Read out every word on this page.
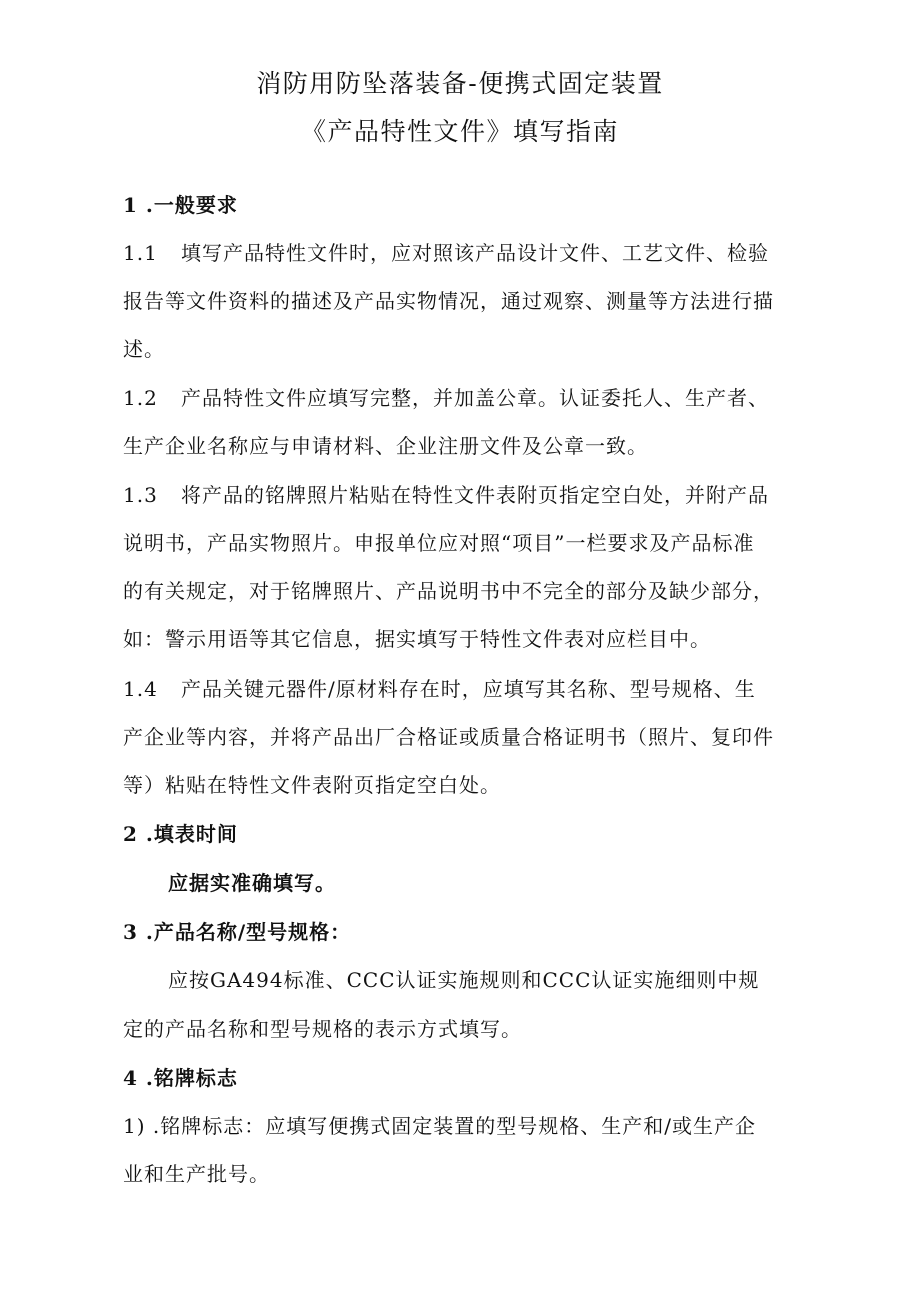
消防用防坠落装备-便携式固定装置
《产品特性文件》填写指南
1 .一般要求
1.1 填写产品特性文件时，应对照该产品设计文件、工艺文件、检验
报告等文件资料的描述及产品实物情况，通过观察、测量等方法进行描
述。
1.2 产品特性文件应填写完整，并加盖公章。认证委托人、生产者、
生产企业名称应与申请材料、企业注册文件及公章一致。
1.3 将产品的铭牌照片粘贴在特性文件表附页指定空白处，并附产品
说明书，产品实物照片。申报单位应对照“项目”一栏要求及产品标准
的有关规定，对于铭牌照片、产品说明书中不完全的部分及缺少部分，
如：警示用语等其它信息，据实填写于特性文件表对应栏目中。
1.4 产品关键元器件/原材料存在时，应填写其名称、型号规格、生
产企业等内容，并将产品出厂合格证或质量合格证明书（照片、复印件
等）粘贴在特性文件表附页指定空白处。
2 .填表时间
应据实准确填写。
3 .产品名称/型号规格：
应按GA494标准、CCC认证实施规则和CCC认证实施细则中规
定的产品名称和型号规格的表示方式填写。
4 .铭牌标志
1) .铭牌标志：应填写便携式固定装置的型号规格、生产和/或生产企
业和生产批号。
